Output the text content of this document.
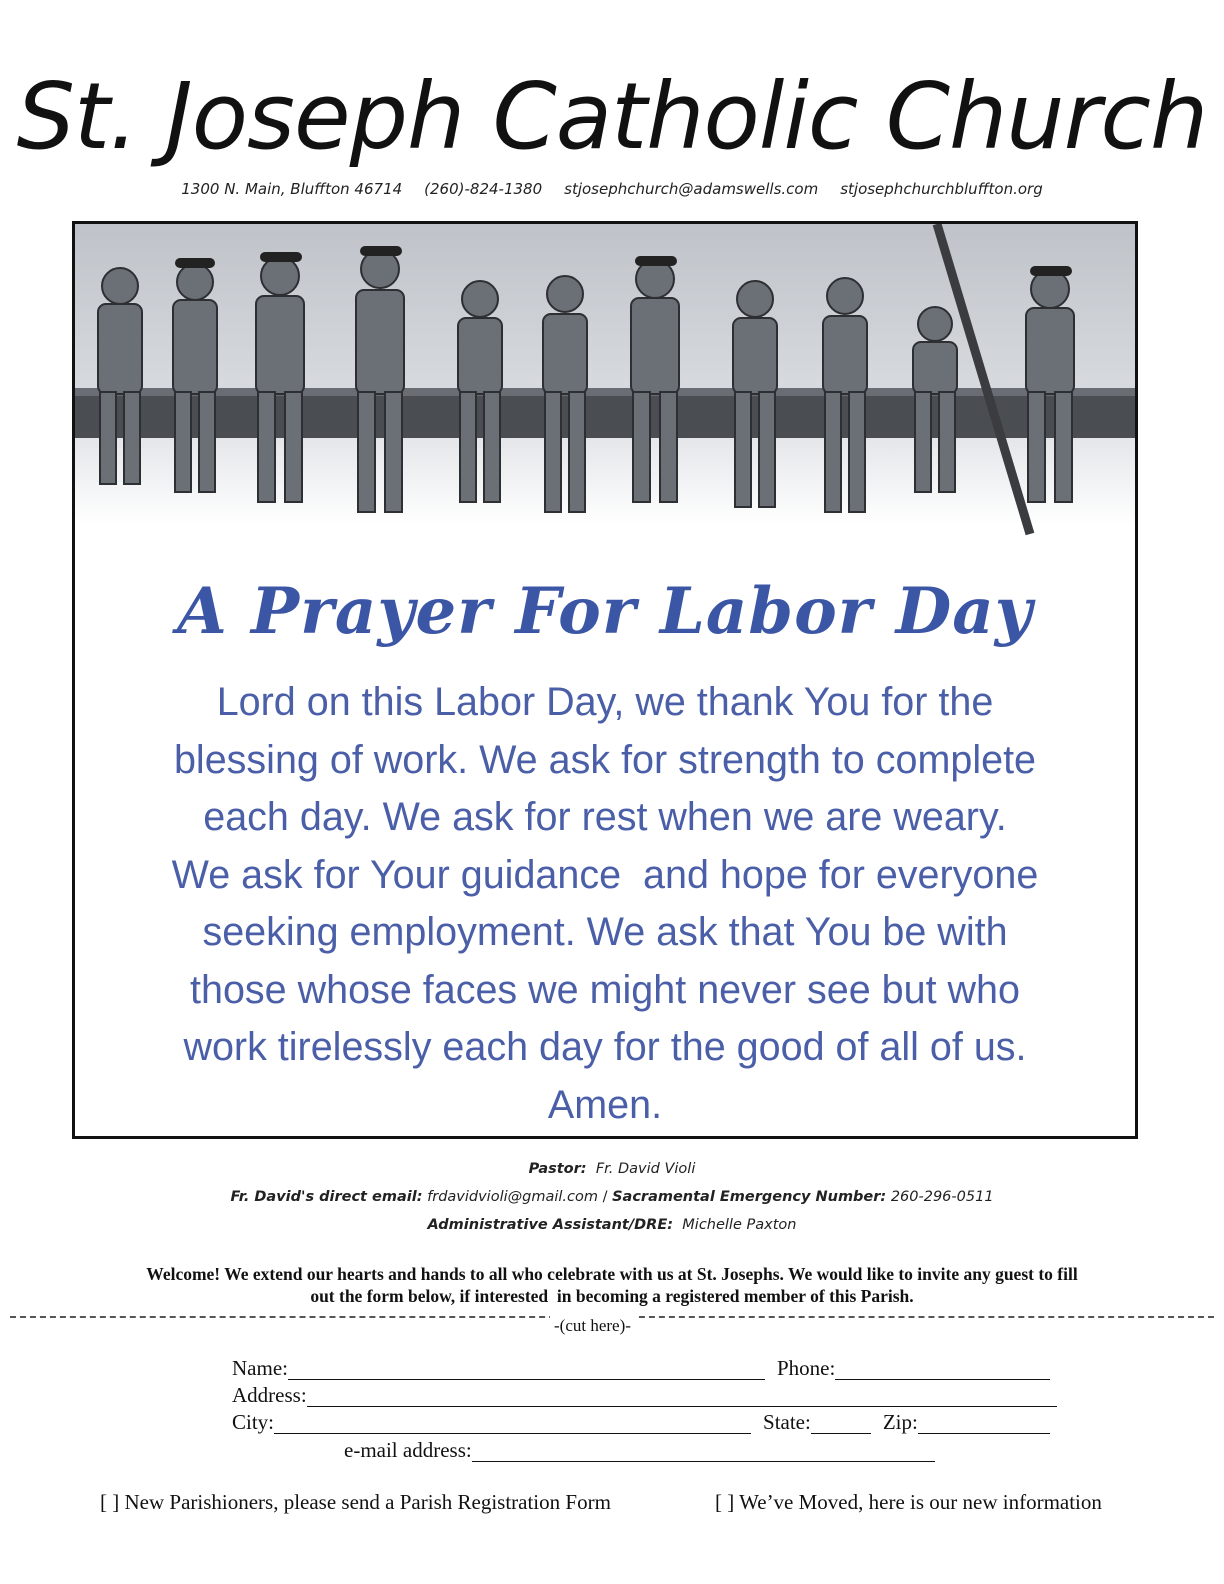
St. Joseph Catholic Church
1300 N. Main, Bluffton 46714 (260)-824-1380 stjosephchurch@adamswells.com stjosephchurchbluffton.org
A Prayer For Labor Day
Lord on this Labor Day, we thank You for the
blessing of work. We ask for strength to complete
each day. We ask for rest when we are weary.
We ask for Your guidance  and hope for everyone
seeking employment. We ask that You be with
those whose faces we might never see but who
work tirelessly each day for the good of all of us.
Amen.
Pastor: Fr. David Violi
Fr. David's direct email: frdavidvioli@gmail.com / Sacramental Emergency Number: 260-296-0511
Administrative Assistant/DRE: Michelle Paxton
Welcome! We extend our hearts and hands to all who celebrate with us at St. Josephs. We would like to invite any guest to fill
out the form below, if interested  in becoming a registered member of this Parish.
-(cut here)-
Name:	Phone:
Address:
City:	State:	Zip:
e-mail address:
[ ] New Parishioners, please send a Parish Registration Form	[ ] We’ve Moved, here is our new information
